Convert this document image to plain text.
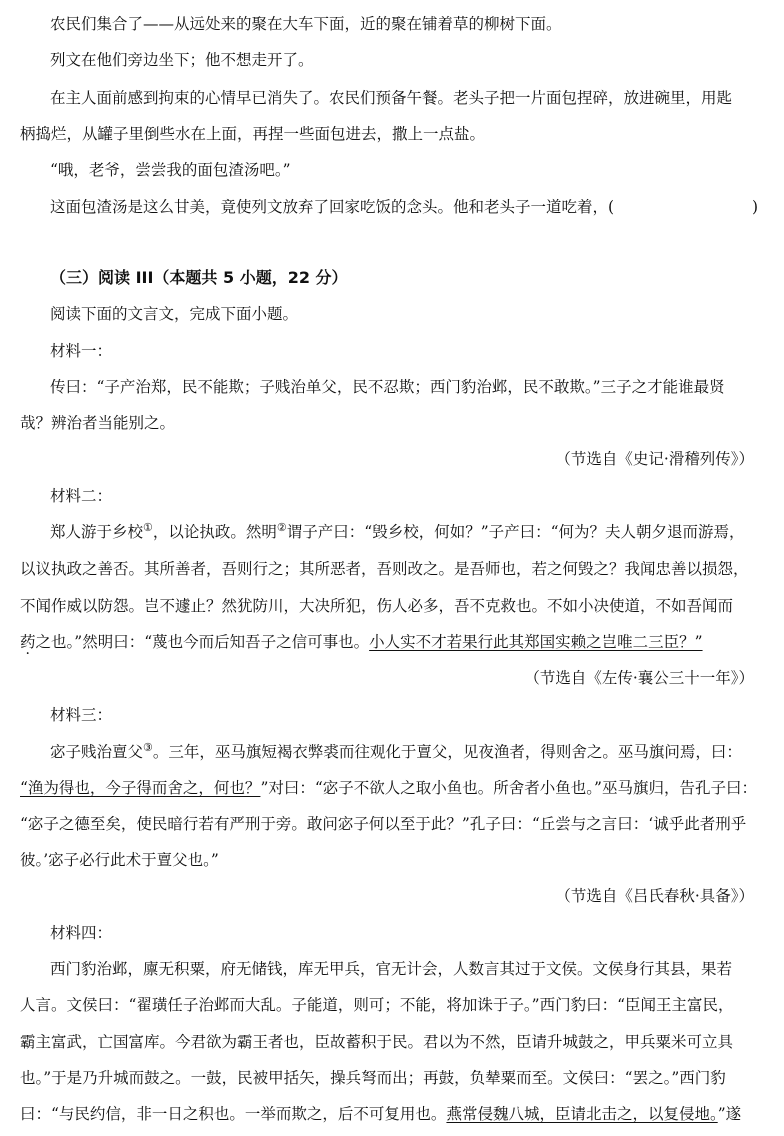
农民们集合了——从远处来的聚在大车下面，近的聚在铺着草的柳树下面。
列文在他们旁边坐下；他不想走开了。
在主人面前感到拘束的心情早已消失了。农民们预备午餐。老头子把一片面包捏碎，放进碗里，用匙
柄捣烂，从罐子里倒些水在上面，再捏一些面包进去，撒上一点盐。
“哦，老爷，尝尝我的面包渣汤吧。”
这面包渣汤是这么甘美，竟使列文放弃了回家吃饭的念头。他和老头子一道吃着，(	)
（三）阅读 III（本题共 5 小题，22 分）
阅读下面的文言文，完成下面小题。
材料一：
传曰：“子产治郑，民不能欺；子贱治单父，民不忍欺；西门豹治邺，民不敢欺。”三子之才能谁最贤
哉？辨治者当能别之。
（节选自《史记·滑稽列传》）
材料二：
郑人游于乡校①，以论执政。然明②谓子产曰：“毁乡校，何如？”子产曰：“何为？夫人朝夕退而游焉，
以议执政之善否。其所善者，吾则行之；其所恶者，吾则改之。是吾师也，若之何毁之？我闻忠善以损怨，
不闻作威以防怨。岂不遽止？然犹防川，大决所犯，伤人必多，吾不克救也。不如小决使道，不如吾闻而
药之也。”然明曰：“蔑也今而后知吾子之信可事也。小人实不才若果行此其郑国实赖之岂唯二三臣？”
（节选自《左传·襄公三十一年》）
材料三：
宓子贱治亶父③。三年，巫马旗短褐衣弊裘而往观化于亶父，见夜渔者，得则舍之。巫马旗问焉，曰：
“渔为得也，今子得而舍之，何也？”对曰：“宓子不欲人之取小鱼也。所舍者小鱼也。”巫马旗归，告孔子曰：
“宓子之德至矣，使民暗行若有严刑于旁。敢问宓子何以至于此？”孔子曰：“丘尝与之言曰：‘诚乎此者刑乎
彼。’宓子必行此术于亶父也。”
（节选自《吕氏春秋·具备》）
材料四：
西门豹治邺，廪无积粟，府无储钱，库无甲兵，官无计会，人数言其过于文侯。文侯身行其县，果若
人言。文侯曰：“翟璜任子治邺而大乱。子能道，则可；不能，将加诛于子。”西门豹曰：“臣闻王主富民，
霸主富武，亡国富库。今君欲为霸王者也，臣故蓄积于民。君以为不然，臣请升城鼓之，甲兵粟米可立具
也。”于是乃升城而鼓之。一鼓，民被甲括矢，操兵弩而出；再鼓，负辇粟而至。文侯曰：“罢之。”西门豹
曰：“与民约信，非一日之积也。一举而欺之，后不可复用也。燕常侵魏八城，臣请北击之，以复侵地。”遂
